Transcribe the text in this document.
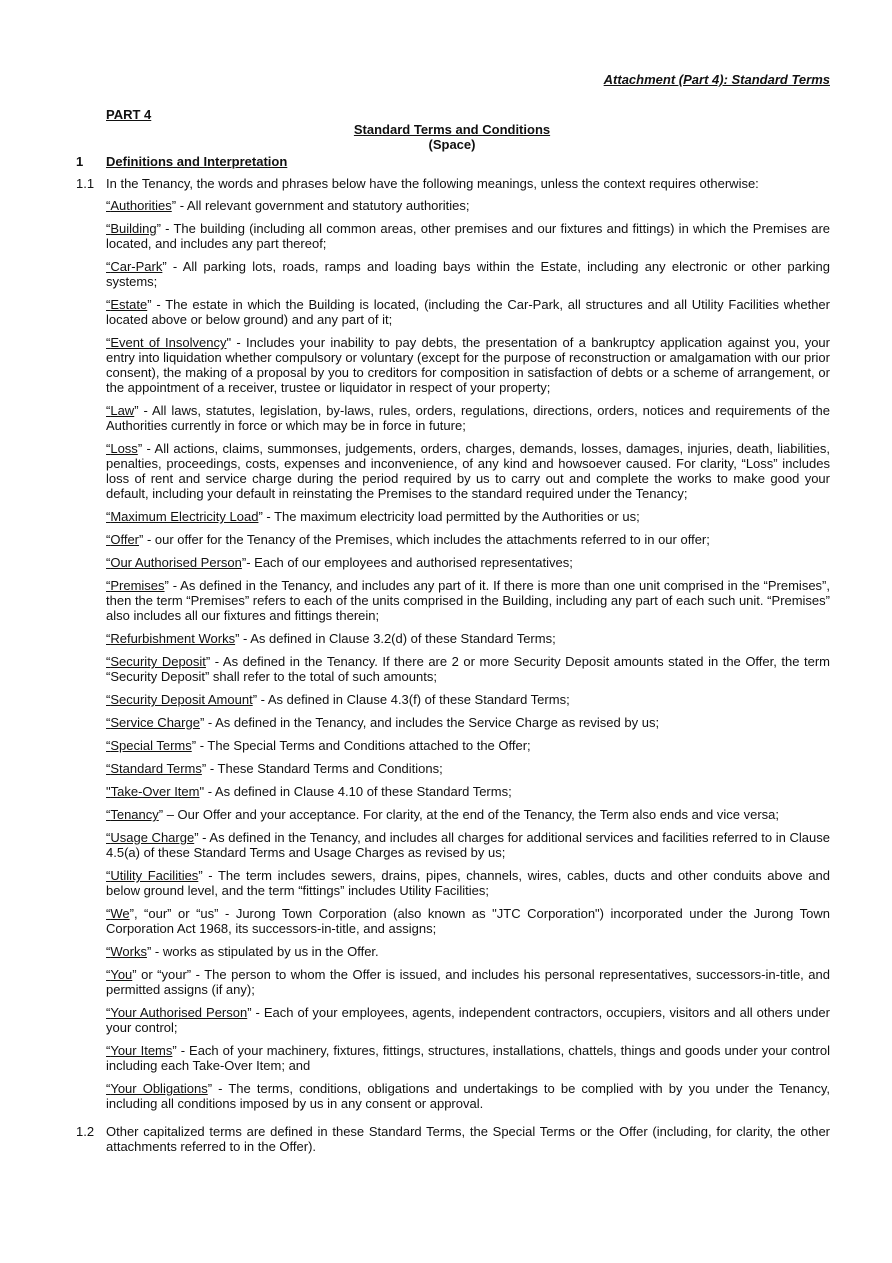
Attachment (Part 4): Standard Terms
PART 4
Standard Terms and Conditions
(Space)
1 Definitions and Interpretation
1.1 In the Tenancy, the words and phrases below have the following meanings, unless the context requires otherwise:
“Authorities” - All relevant government and statutory authorities;
“Building” - The building (including all common areas, other premises and our fixtures and fittings) in which the Premises are located, and includes any part thereof;
“Car-Park” - All parking lots, roads, ramps and loading bays within the Estate, including any electronic or other parking systems;
“Estate” - The estate in which the Building is located, (including the Car-Park, all structures and all Utility Facilities whether located above or below ground) and any part of it;
“Event of Insolvency" - Includes your inability to pay debts, the presentation of a bankruptcy application against you, your entry into liquidation whether compulsory or voluntary (except for the purpose of reconstruction or amalgamation with our prior consent), the making of a proposal by you to creditors for composition in satisfaction of debts or a scheme of arrangement, or the appointment of a receiver, trustee or liquidator in respect of your property;
“Law” - All laws, statutes, legislation, by-laws, rules, orders, regulations, directions, orders, notices and requirements of the Authorities currently in force or which may be in force in future;
“Loss” - All actions, claims, summonses, judgements, orders, charges, demands, losses, damages, injuries, death, liabilities, penalties, proceedings, costs, expenses and inconvenience, of any kind and howsoever caused. For clarity, “Loss” includes loss of rent and service charge during the period required by us to carry out and complete the works to make good your default, including your default in reinstating the Premises to the standard required under the Tenancy;
“Maximum Electricity Load” - The maximum electricity load permitted by the Authorities or us;
“Offer” - our offer for the Tenancy of the Premises, which includes the attachments referred to in our offer;
“Our Authorised Person”- Each of our employees and authorised representatives;
“Premises” - As defined in the Tenancy, and includes any part of it. If there is more than one unit comprised in the “Premises”, then the term “Premises” refers to each of the units comprised in the Building, including any part of each such unit. “Premises” also includes all our fixtures and fittings therein;
“Refurbishment Works” - As defined in Clause 3.2(d) of these Standard Terms;
“Security Deposit” - As defined in the Tenancy. If there are 2 or more Security Deposit amounts stated in the Offer, the term “Security Deposit” shall refer to the total of such amounts;
“Security Deposit Amount” - As defined in Clause 4.3(f) of these Standard Terms;
“Service Charge” - As defined in the Tenancy, and includes the Service Charge as revised by us;
“Special Terms” - The Special Terms and Conditions attached to the Offer;
“Standard Terms” - These Standard Terms and Conditions;
"Take-Over Item" - As defined in Clause 4.10 of these Standard Terms;
“Tenancy” – Our Offer and your acceptance. For clarity, at the end of the Tenancy, the Term also ends and vice versa;
“Usage Charge” - As defined in the Tenancy, and includes all charges for additional services and facilities referred to in Clause 4.5(a) of these Standard Terms and Usage Charges as revised by us;
“Utility Facilities” - The term includes sewers, drains, pipes, channels, wires, cables, ducts and other conduits above and below ground level, and the term “fittings” includes Utility Facilities;
“We”, “our” or “us” - Jurong Town Corporation (also known as "JTC Corporation") incorporated under the Jurong Town Corporation Act 1968, its successors-in-title, and assigns;
“Works” - works as stipulated by us in the Offer.
“You” or “your” - The person to whom the Offer is issued, and includes his personal representatives, successors-in-title, and permitted assigns (if any);
“Your Authorised Person” - Each of your employees, agents, independent contractors, occupiers, visitors and all others under your control;
“Your Items” - Each of your machinery, fixtures, fittings, structures, installations, chattels, things and goods under your control including each Take-Over Item; and
“Your Obligations” - The terms, conditions, obligations and undertakings to be complied with by you under the Tenancy, including all conditions imposed by us in any consent or approval.
1.2 Other capitalized terms are defined in these Standard Terms, the Special Terms or the Offer (including, for clarity, the other attachments referred to in the Offer).
